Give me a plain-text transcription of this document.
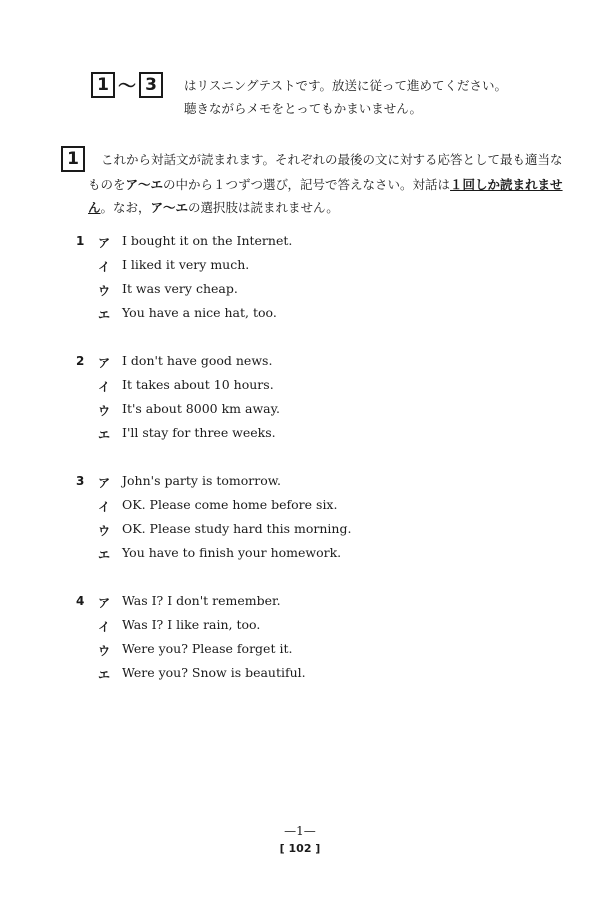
1 ～ 3	はリスニングテストです。放送に従って進めてください。
聴きながらメモをとってもかまいません。
1	これから対話文が読まれます。それぞれの最後の文に対する応答として最も適当な
ものをア～エの中から１つずつ選び，記号で答えなさい。対話は１回しか読まれませ
ん。なお，ア～エの選択肢は読まれません。
1 ア I bought it on the Internet.
イ I liked it very much.
ウ It was very cheap.
エ You have a nice hat, too.
2 ア I don't have good news.
イ It takes about 10 hours.
ウ It's about 8000 km away.
エ I'll stay for three weeks.
3 ア John's party is tomorrow.
イ OK. Please come home before six.
ウ OK. Please study hard this morning.
エ You have to finish your homework.
4 ア Was I? I don't remember.
イ Was I? I like rain, too.
ウ Were you? Please forget it.
エ Were you? Snow is beautiful.
—1—
[ 102 ]
